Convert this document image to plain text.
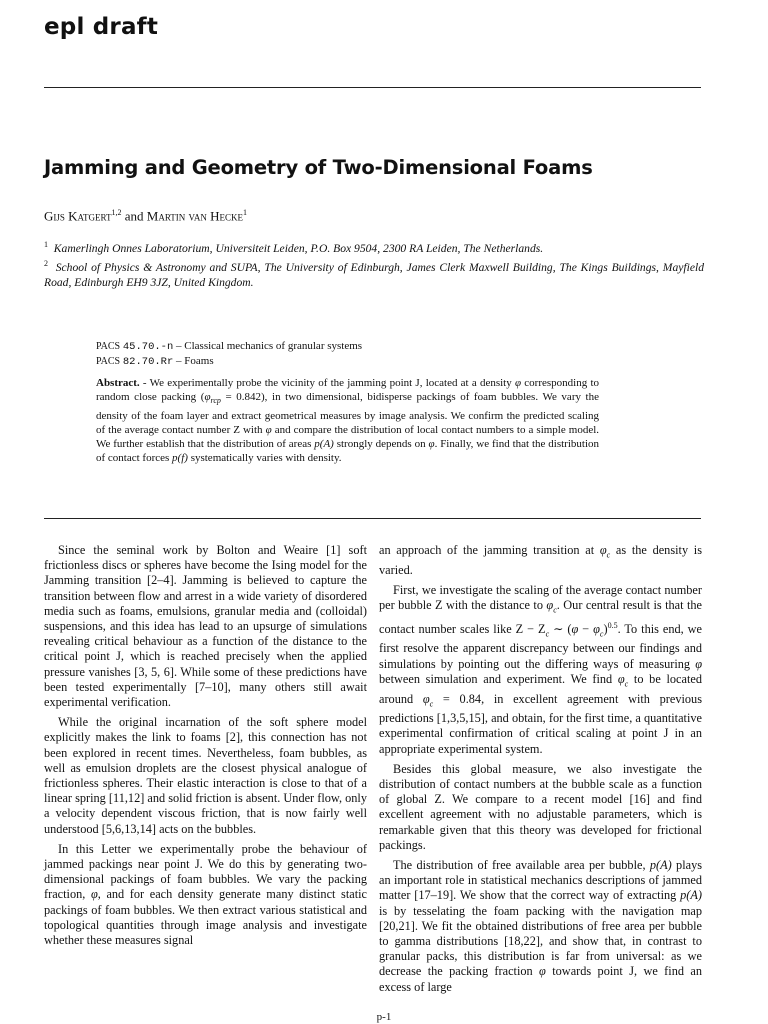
epl draft
Jamming and Geometry of Two-Dimensional Foams
Gijs Katgert$^{1,2}$ and Martin van Hecke$^1$

$^1$ Kamerlingh Onnes Laboratorium, Universiteit Leiden, P.O. Box 9504, 2300 RA Leiden, The Netherlands.

$^2$ School of Physics & Astronomy and SUPA, The University of Edinburgh, James Clerk Maxwell Building, The Kings Buildings, Mayfield Road, Edinburgh EH9 3JZ, United Kingdom.

PACS 45.70.-n – Classical mechanics of granular systems
PACS 82.70.Rr – Foams
Abstract. - We experimentally probe the vicinity of the jamming point J, located at a density φ corresponding to random close packing $(\varphi_{rcp} = 0.842)$, in two dimensional, bidisperse packings of foam bubbles. We vary the density of the foam layer and extract geometrical measures by image analysis. We confirm the predicted scaling of the average contact number Z with φ and compare the distribution of local contact numbers to a simple model. We further establish that the distribution of areas p(A) strongly depends on φ. Finally, we find that the distribution of contact forces p(f) systematically varies with density.

Since the seminal work by Bolton and Weaire [1] soft frictionless discs or spheres have become the Ising model for the Jamming transition [2–4]. Jamming is believed to capture the transition between flow and arrest in a wide variety of disordered media such as foams, emulsions, granular media and (colloidal) suspensions, and this idea has lead to an upsurge of simulations revealing critical behaviour as a function of the distance to the critical point J, which is reached precisely when the applied pressure vanishes [3, 5, 6]. While some of these predictions have been tested experimentally [7–10], many others still await experimental verification.

While the original incarnation of the soft sphere model explicitly makes the link to foams [2], this connection has not been explored in recent times. Nevertheless, foam bubbles, as well as emulsion droplets are the closest physical analogue of frictionless spheres. Their elastic interaction is close to that of a linear spring [11,12] and solid friction is absent. Under flow, only a velocity dependent viscous friction, that is now fairly well understood [5,6,13,14] acts on the bubbles.

In this Letter we experimentally probe the behaviour of jammed packings near point J. We do this by generating two-dimensional packings of foam bubbles. We vary the packing fraction, φ, and for each density generate many distinct static packings of foam bubbles. We then extract various statistical and topological quantities through image analysis and investigate whether these measures signal

an approach of the jamming transition at $\varphi_c$ as the density is varied.

First, we investigate the scaling of the average contact number per bubble Z with the distance to $\varphi_c$. Our central result is that the contact number scales like $Z - Z_c$ ∼ $(\varphi - \varphi_c)^{0.5}$. To this end, we first resolve the apparent discrepancy between our findings and simulations by pointing out the differing ways of measuring φ between simulation and experiment. We find $\varphi_c$ to be located around $\varphi_c = 0.84$, in excellent agreement with previous predictions [1,3,5,15], and obtain, for the first time, a quantitative experimental confirmation of critical scaling at point J in an appropriate experimental system.

Besides this global measure, we also investigate the distribution of contact numbers at the bubble scale as a function of global Z. We compare to a recent model [16] and find excellent agreement with no adjustable parameters, which is remarkable given that this theory was developed for frictional packings.

The distribution of free available area per bubble, p(A) plays an important role in statistical mechanics descriptions of jammed matter [17–19]. We show that the correct way of extracting p(A) is by tesselating the foam packing with the navigation map [20,21]. We fit the obtained distributions of free area per bubble to gamma distributions [18,22], and show that, in contrast to granular packs, this distribution is far from universal: as we decrease the packing fraction φ towards point J, we find an excess of large

p-1
